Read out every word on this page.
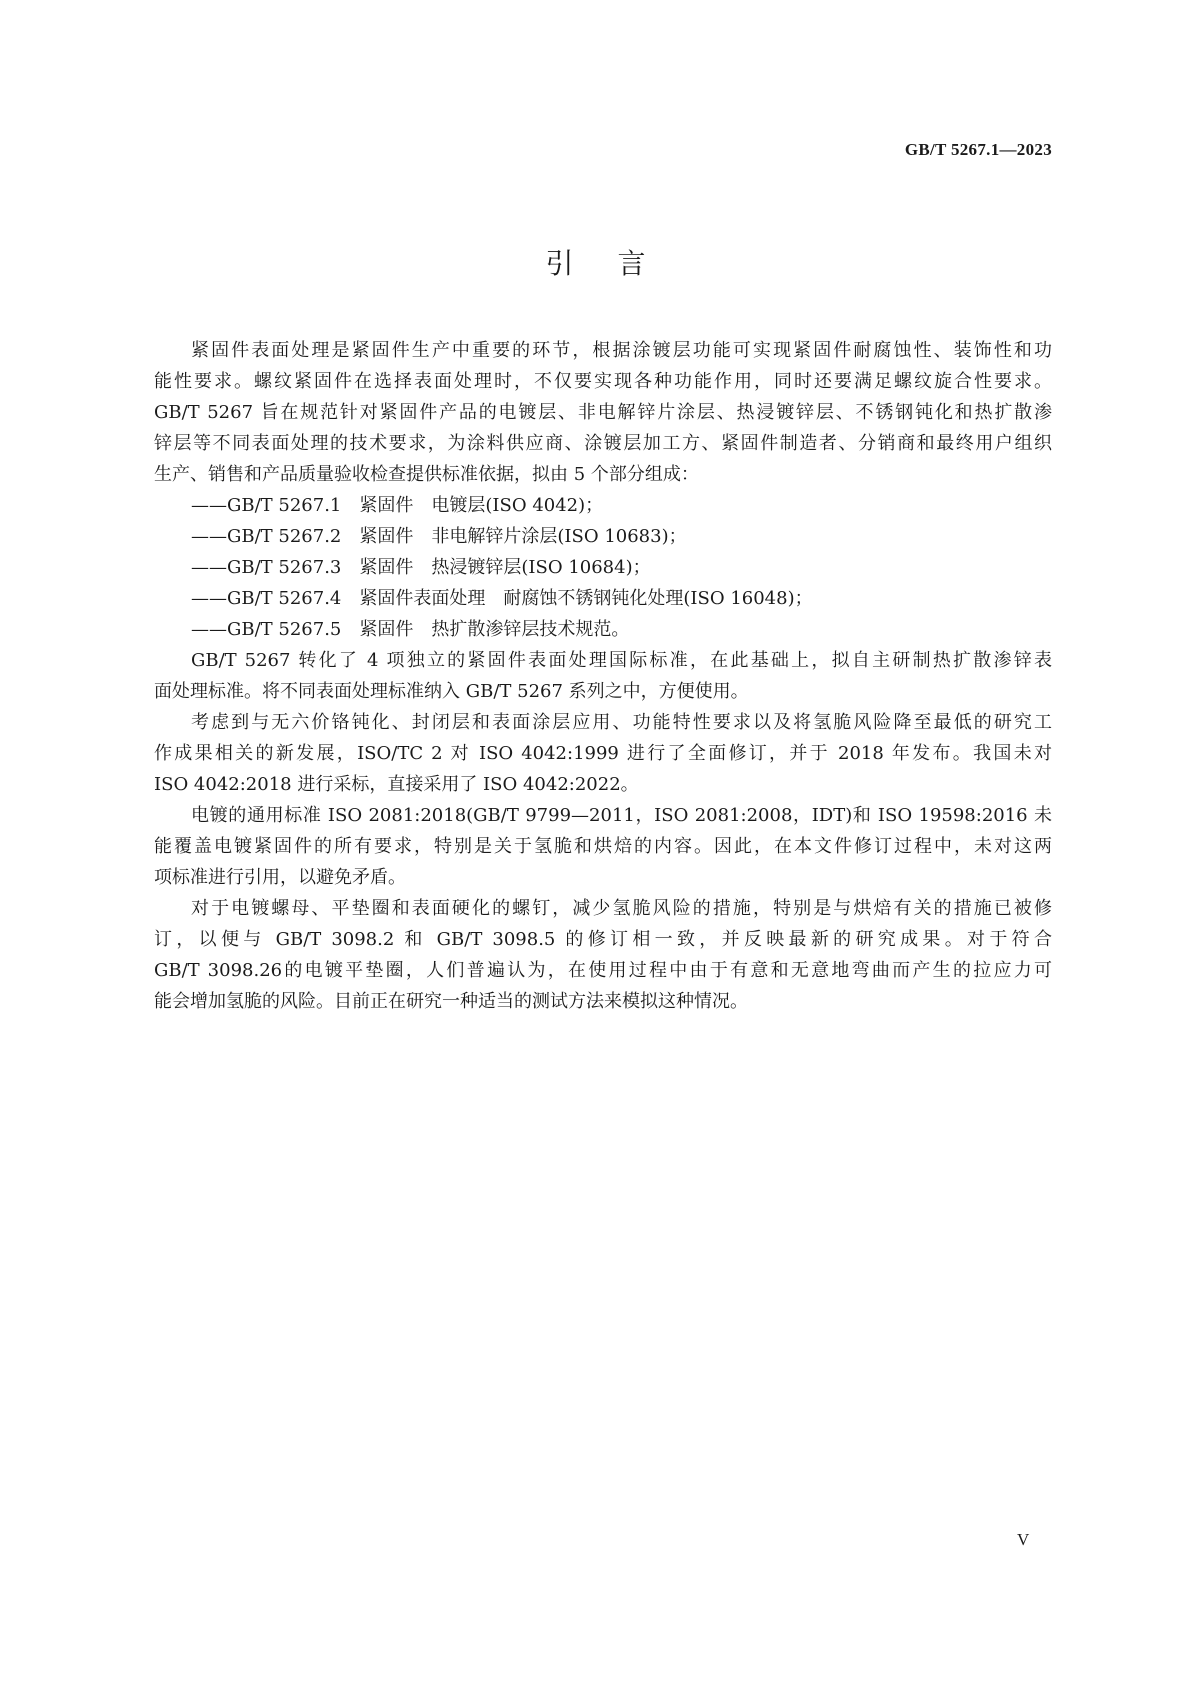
GB/T 5267.1—2023
引言
紧固件表面处理是紧固件生产中重要的环节，根据涂镀层功能可实现紧固件耐腐蚀性、装饰性和功
能性要求。螺纹紧固件在选择表面处理时，不仅要实现各种功能作用，同时还要满足螺纹旋合性要求。
GB/T 5267 旨在规范针对紧固件产品的电镀层、非电解锌片涂层、热浸镀锌层、不锈钢钝化和热扩散渗
锌层等不同表面处理的技术要求，为涂料供应商、涂镀层加工方、紧固件制造者、分销商和最终用户组织
生产、销售和产品质量验收检查提供标准依据，拟由 5 个部分组成：
——GB/T 5267.1　紧固件　电镀层(ISO 4042)；
——GB/T 5267.2　紧固件　非电解锌片涂层(ISO 10683)；
——GB/T 5267.3　紧固件　热浸镀锌层(ISO 10684)；
——GB/T 5267.4　紧固件表面处理　耐腐蚀不锈钢钝化处理(ISO 16048)；
——GB/T 5267.5　紧固件　热扩散渗锌层技术规范。
GB/T 5267 转化了 4 项独立的紧固件表面处理国际标准，在此基础上，拟自主研制热扩散渗锌表
面处理标准。将不同表面处理标准纳入 GB/T 5267 系列之中，方便使用。
考虑到与无六价铬钝化、封闭层和表面涂层应用、功能特性要求以及将氢脆风险降至最低的研究工
作成果相关的新发展，ISO/TC 2 对 ISO 4042:1999 进行了全面修订，并于 2018 年发布。我国未对
ISO 4042:2018 进行采标，直接采用了 ISO 4042:2022。
电镀的通用标准 ISO 2081:2018(GB/T 9799—2011，ISO 2081:2008，IDT)和 ISO 19598:2016 未
能覆盖电镀紧固件的所有要求，特别是关于氢脆和烘焙的内容。因此，在本文件修订过程中，未对这两
项标准进行引用，以避免矛盾。
对于电镀螺母、平垫圈和表面硬化的螺钉，减少氢脆风险的措施，特别是与烘焙有关的措施已被修
订，以便与 GB/T 3098.2 和 GB/T 3098.5 的修订相一致，并反映最新的研究成果。对于符合
GB/T 3098.26的电镀平垫圈，人们普遍认为，在使用过程中由于有意和无意地弯曲而产生的拉应力可
能会增加氢脆的风险。目前正在研究一种适当的测试方法来模拟这种情况。
V
